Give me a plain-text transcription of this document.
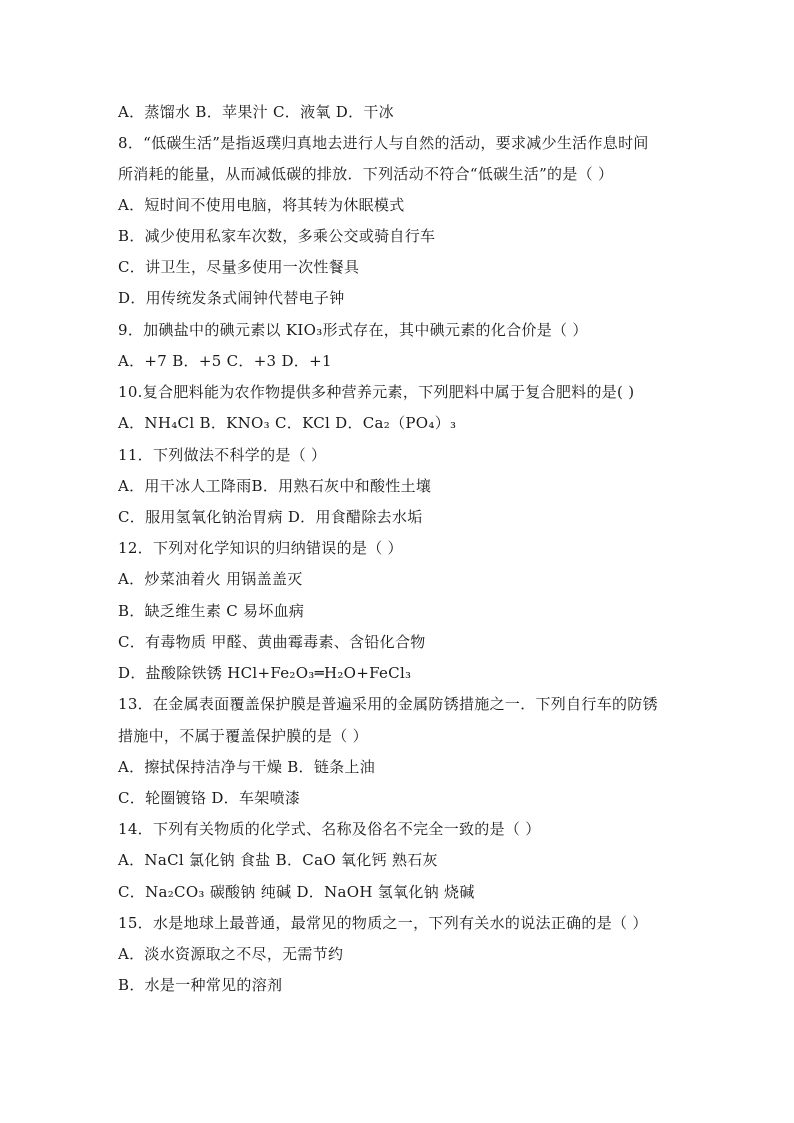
A．蒸馏水 B．苹果汁 C．液氧 D．干冰
8．“低碳生活”是指返璞归真地去进行人与自然的活动，要求减少生活作息时间
所消耗的能量，从而减低碳的排放．下列活动不符合“低碳生活”的是（ ）
A．短时间不使用电脑，将其转为休眠模式
B．减少使用私家车次数，多乘公交或骑自行车
C．讲卫生，尽量多使用一次性餐具
D．用传统发条式闹钟代替电子钟
9．加碘盐中的碘元素以 KIO₃形式存在，其中碘元素的化合价是（ ）
A．+7 B．+5 C．+3 D．+1
10.复合肥料能为农作物提供多种营养元素，下列肥料中属于复合肥料的是( )
A．NH₄Cl B．KNO₃ C．KCl D．Ca₂（PO₄）₃
11．下列做法不科学的是（ ）
A．用干冰人工降雨B．用熟石灰中和酸性土壤
C．服用氢氧化钠治胃病 D．用食醋除去水垢
12．下列对化学知识的归纳错误的是（ ）
A．炒菜油着火 用锅盖盖灭
B．缺乏维生素 C 易坏血病
C．有毒物质 甲醛、黄曲霉毒素、含铅化合物
D．盐酸除铁锈 HCl+Fe₂O₃═H₂O+FeCl₃
13．在金属表面覆盖保护膜是普遍采用的金属防锈措施之一．下列自行车的防锈
措施中，不属于覆盖保护膜的是（ ）
A．擦拭保持洁净与干燥 B．链条上油
C．轮圈镀铬 D．车架喷漆
14．下列有关物质的化学式、名称及俗名不完全一致的是（ ）
A．NaCl 氯化钠 食盐 B．CaO 氧化钙 熟石灰
C．Na₂CO₃ 碳酸钠 纯碱 D．NaOH 氢氧化钠 烧碱
15．水是地球上最普通，最常见的物质之一，下列有关水的说法正确的是（ ）
A．淡水资源取之不尽，无需节约
B．水是一种常见的溶剂
